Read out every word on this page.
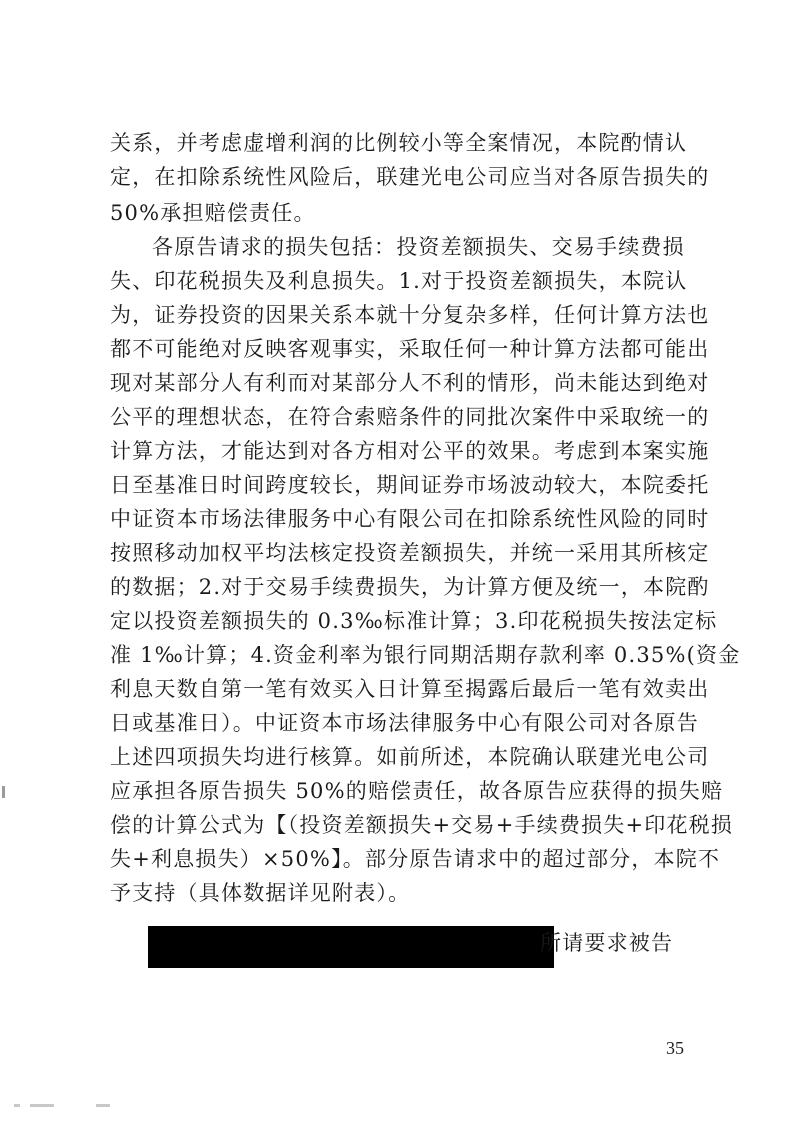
关系，并考虑虚增利润的比例较小等全案情况，本院酌情认
定，在扣除系统性风险后，联建光电公司应当对各原告损失的
50%承担赔偿责任。
各原告请求的损失包括：投资差额损失、交易手续费损
失、印花税损失及利息损失。1.对于投资差额损失，本院认
为，证券投资的因果关系本就十分复杂多样，任何计算方法也
都不可能绝对反映客观事实，采取任何一种计算方法都可能出
现对某部分人有利而对某部分人不利的情形，尚未能达到绝对
公平的理想状态，在符合索赔条件的同批次案件中采取统一的
计算方法，才能达到对各方相对公平的效果。考虑到本案实施
日至基准日时间跨度较长，期间证券市场波动较大，本院委托
中证资本市场法律服务中心有限公司在扣除系统性风险的同时
按照移动加权平均法核定投资差额损失，并统一采用其所核定
的数据；2.对于交易手续费损失，为计算方便及统一，本院酌
定以投资差额损失的 0.3‰标准计算；3.印花税损失按法定标
准 1‰计算；4.资金利率为银行同期活期存款利率 0.35%(资金
利息天数自第一笔有效买入日计算至揭露后最后一笔有效卖出
日或基准日）。中证资本市场法律服务中心有限公司对各原告
上述四项损失均进行核算。如前所述，本院确认联建光电公司
应承担各原告损失 50%的赔偿责任，故各原告应获得的损失赔
偿的计算公式为【（投资差额损失+交易+手续费损失+印花税损
失+利息损失）×50%】。部分原告请求中的超过部分，本院不
予支持（具体数据详见附表）。
所请要求被告
35
